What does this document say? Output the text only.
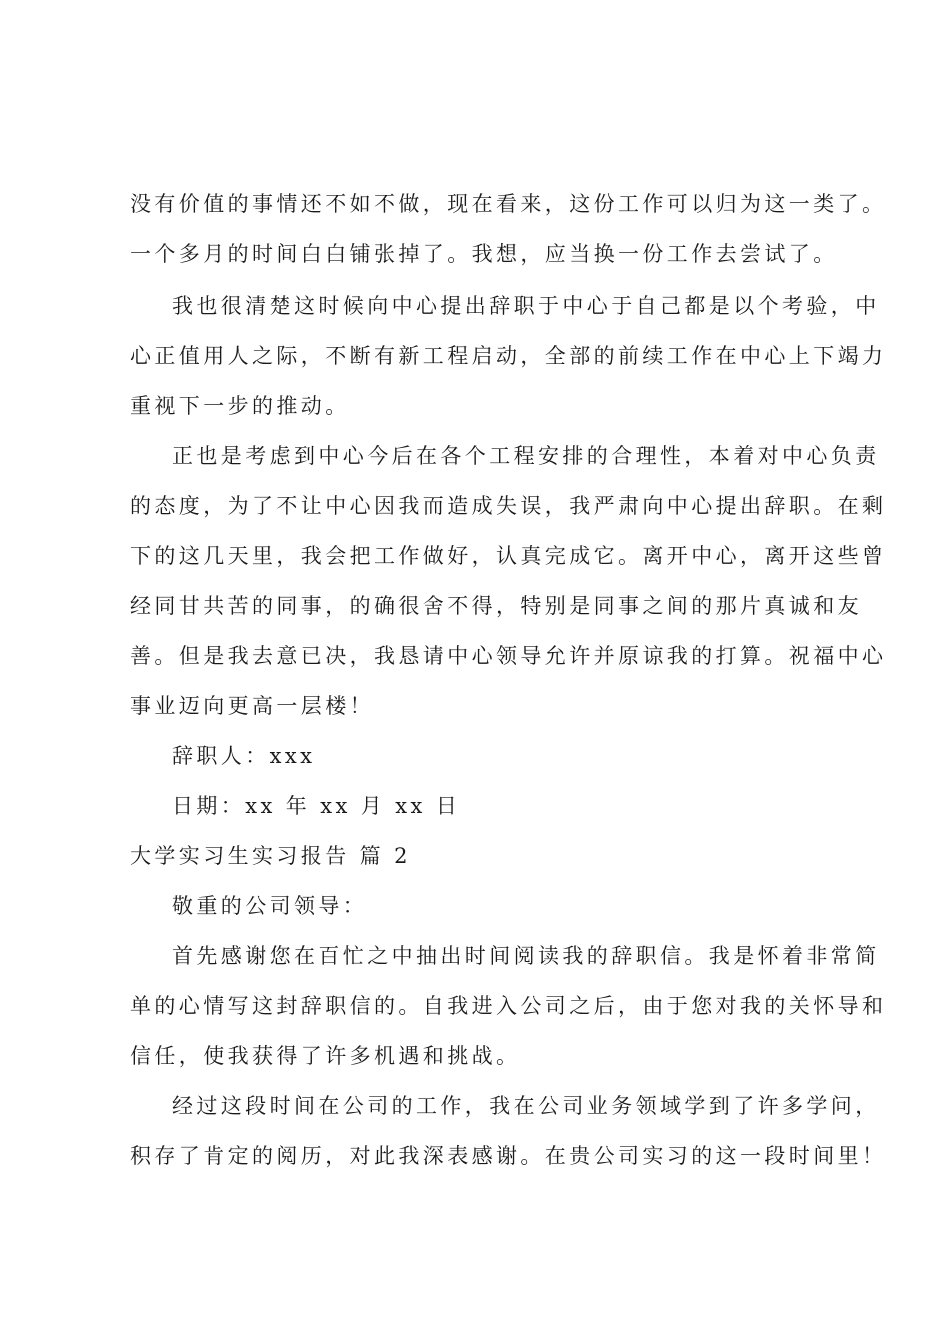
没有价值的事情还不如不做，现在看来，这份工作可以归为这一类了。
一个多月的时间白白铺张掉了。我想，应当换一份工作去尝试了。
我也很清楚这时候向中心提出辞职于中心于自己都是以个考验，中
心正值用人之际，不断有新工程启动，全部的前续工作在中心上下竭力
重视下一步的推动。
正也是考虑到中心今后在各个工程安排的合理性，本着对中心负责
的态度，为了不让中心因我而造成失误，我严肃向中心提出辞职。在剩
下的这几天里，我会把工作做好，认真完成它。离开中心，离开这些曾
经同甘共苦的同事，的确很舍不得，特别是同事之间的那片真诚和友
善。但是我去意已决，我恳请中心领导允许并原谅我的打算。祝福中心
事业迈向更高一层楼！
辞职人：xxx
日期：xx 年 xx 月 xx 日
大学实习生实习报告 篇 2
敬重的公司领导：
首先感谢您在百忙之中抽出时间阅读我的辞职信。我是怀着非常简
单的心情写这封辞职信的。自我进入公司之后，由于您对我的关怀导和
信任，使我获得了许多机遇和挑战。
经过这段时间在公司的工作，我在公司业务领域学到了许多学问，
积存了肯定的阅历，对此我深表感谢。在贵公司实习的这一段时间里！
